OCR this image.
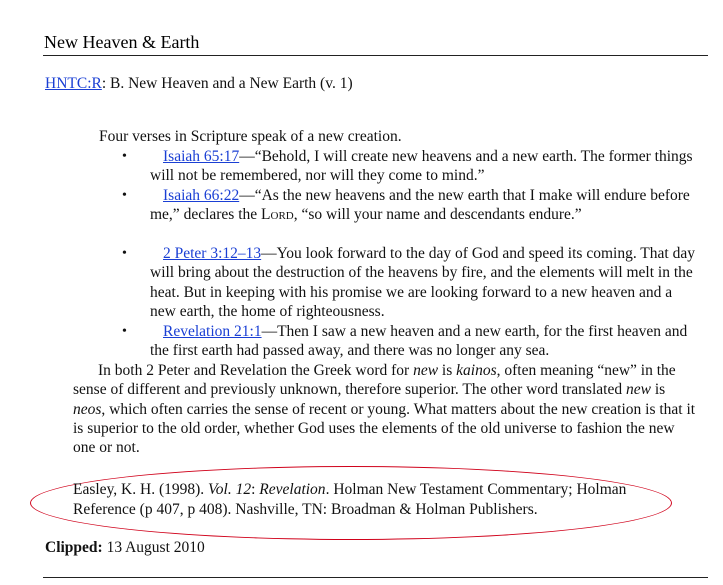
New Heaven & Earth
HNTC:R: B. New Heaven and a New Earth (v. 1)
Four verses in Scripture speak of a new creation.
• Isaiah 65:17—“Behold, I will create new heavens and a new earth. The former things will not be remembered, nor will they come to mind.”
• Isaiah 66:22—“As the new heavens and the new earth that I make will endure before me,” declares the Lord, “so will your name and descendants endure.”
• 2 Peter 3:12–13—You look forward to the day of God and speed its coming. That day will bring about the destruction of the heavens by fire, and the elements will melt in the heat. But in keeping with his promise we are looking forward to a new heaven and a new earth, the home of righteousness.
• Revelation 21:1—Then I saw a new heaven and a new earth, for the first heaven and the first earth had passed away, and there was no longer any sea.
In both 2 Peter and Revelation the Greek word for new is kainos, often meaning “new” in the sense of different and previously unknown, therefore superior. The other word translated new is neos, which often carries the sense of recent or young. What matters about the new creation is that it is superior to the old order, whether God uses the elements of the old universe to fashion the new one or not.
Easley, K. H. (1998). Vol. 12: Revelation. Holman New Testament Commentary; Holman Reference (p 407, p 408). Nashville, TN: Broadman & Holman Publishers.
Clipped: 13 August 2010
